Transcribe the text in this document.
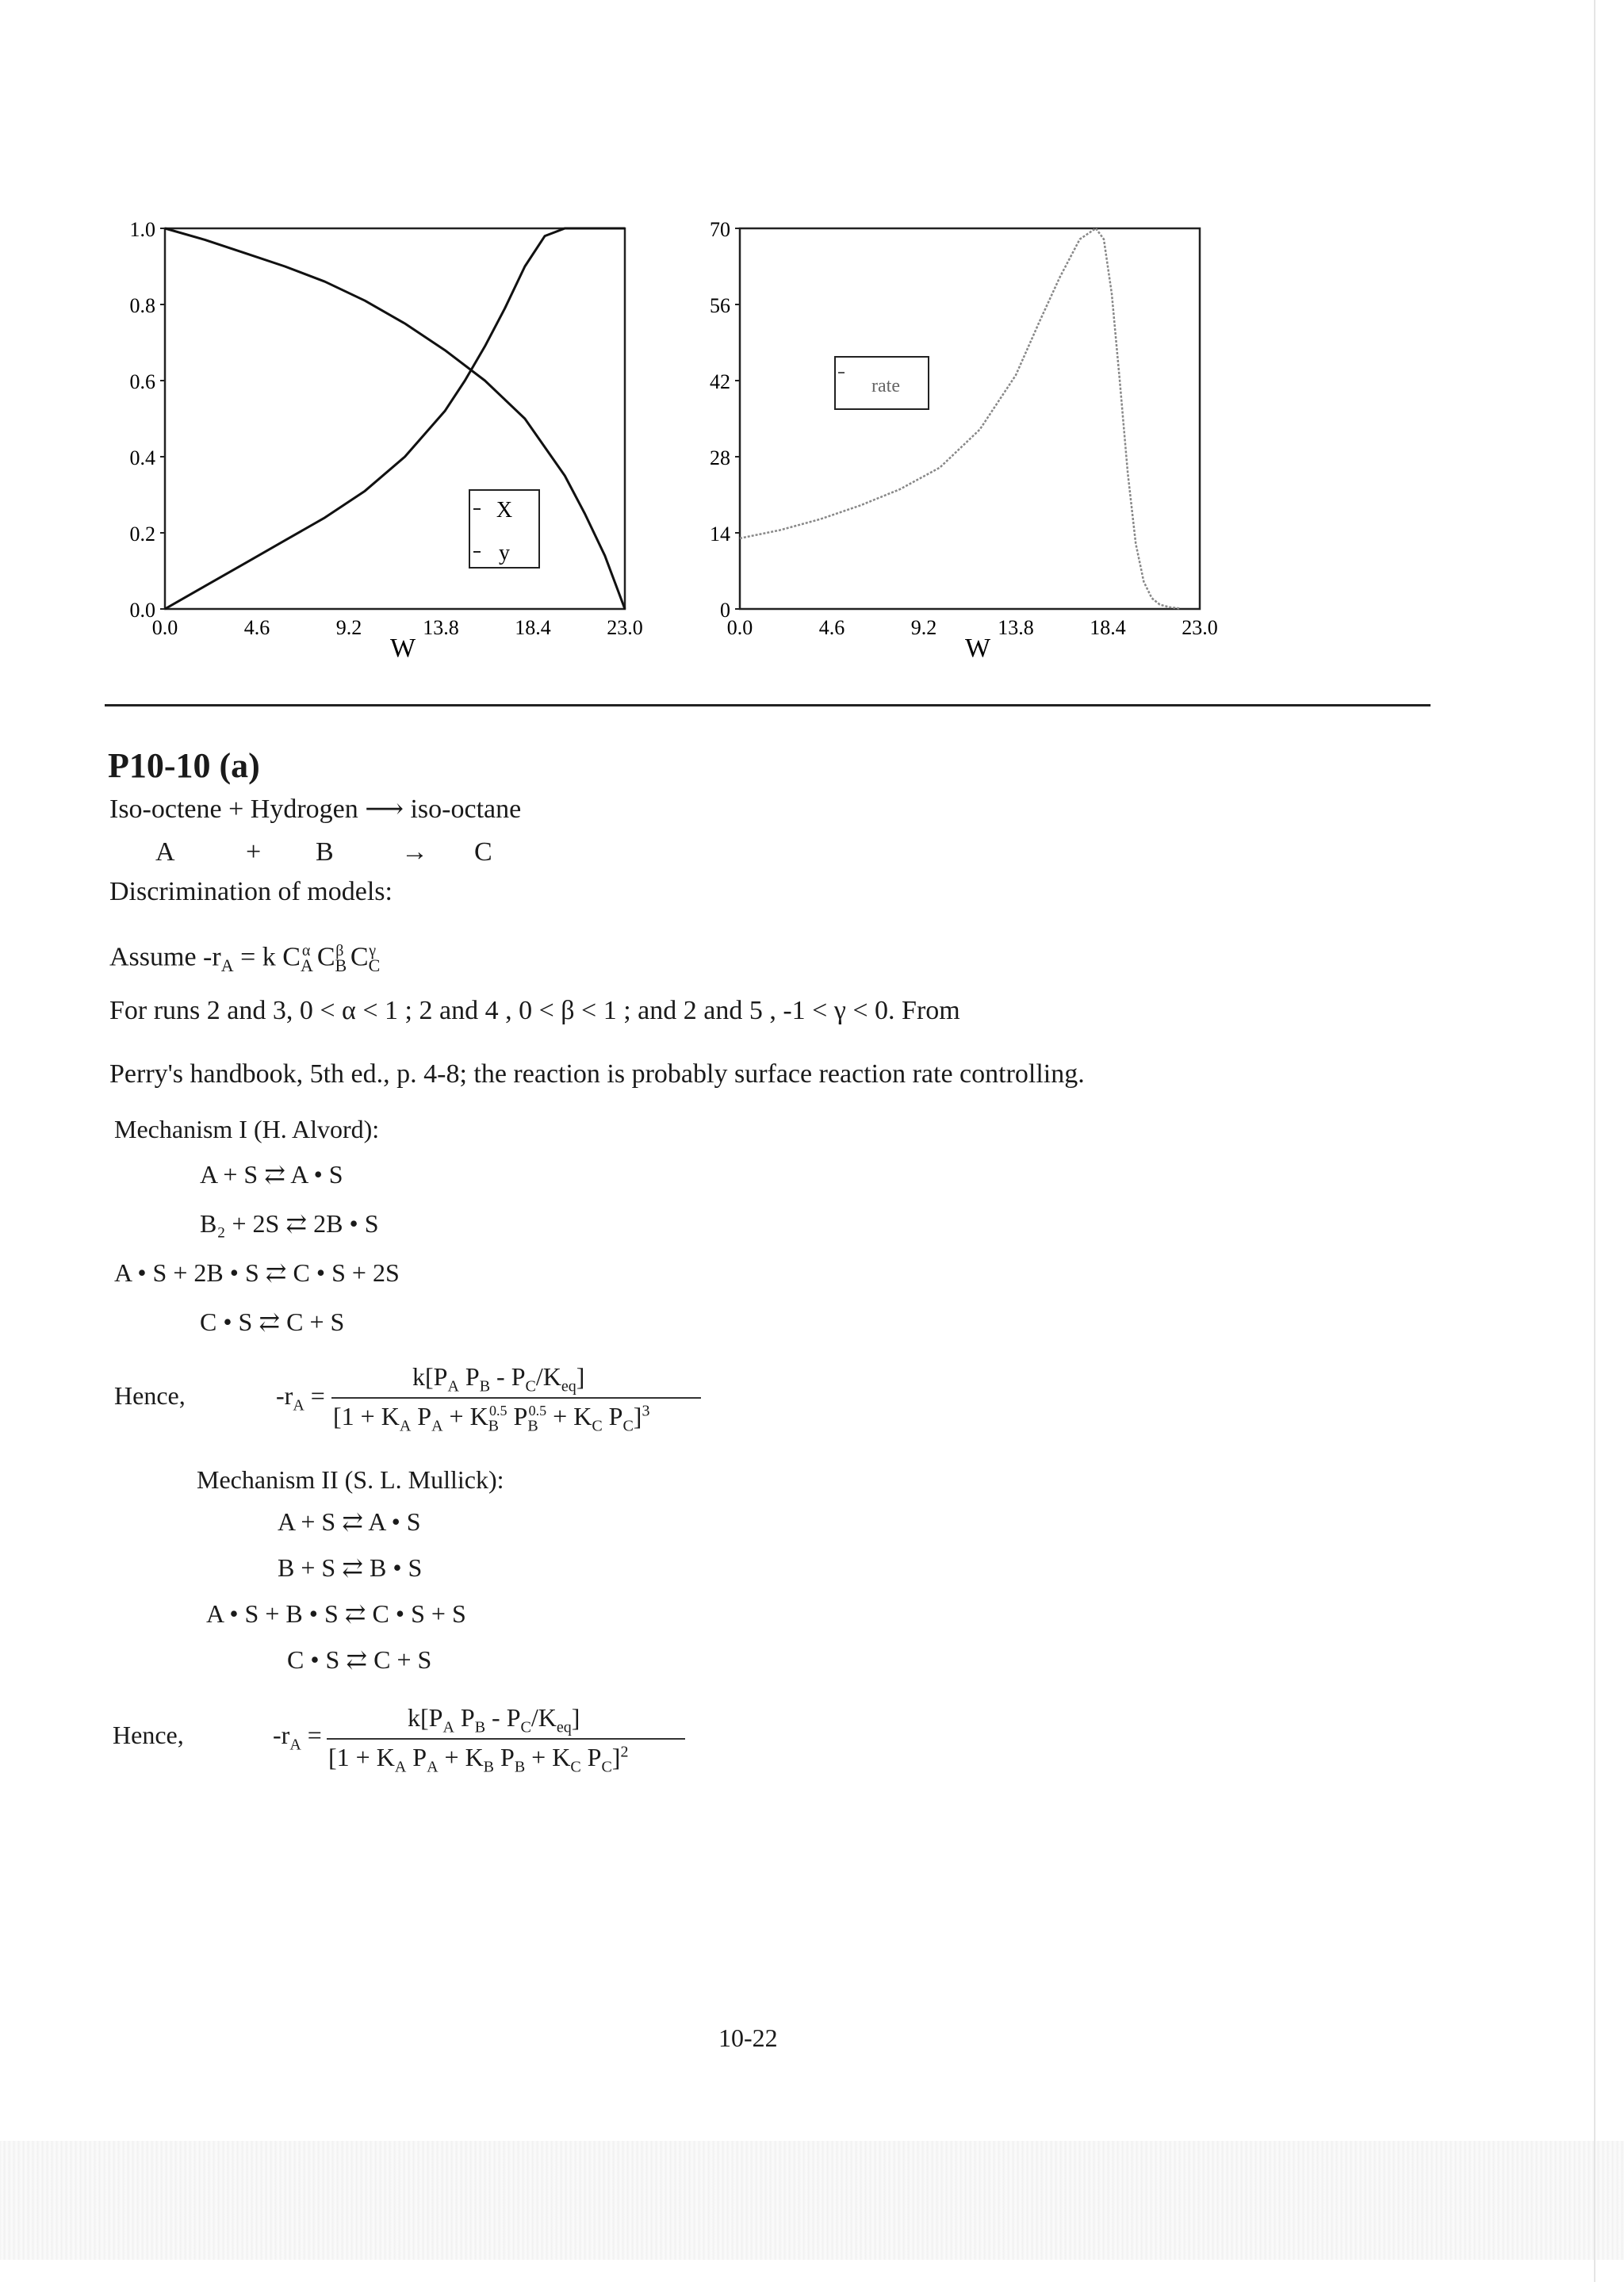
1.0
0.8
0.6
0.4
0.2
0.0
0.0	4.6	9.2	13.8	18.4	23.0
W
X
y
70
56
42
28
14
0
0.0	4.6	9.2	13.8	18.4	23.0
W
rate
P10-10 (a)
Iso-octene + Hydrogen ⟶ iso-octane
A	+ B	→ C
Discrimination of models:
Assume $-r_A = k$ $C_A^\alpha$ $C_B^\beta$ $C_C^\gamma$
For runs 2 and 3, 0 < α < 1 ; 2 and 4 , 0 < β < 1 ; and 2 and 5 , -1 < γ < 0. From
Perry's handbook, 5th ed., p. 4-8; the reaction is probably surface reaction rate controlling.
Mechanism I (H. Alvord):
A + S ⇄ A • S
B₂ + 2S ⇄ 2B • S
A • S + 2B • S ⇄ C • S + 2S
C • S ⇄ C + S
Hence,	$-r_A$ =
$k[P_A$ $P_B - P_C/K_{eq}$]
[$1 + K_A$ $P_A + K_B^{0.5}$ $P_B^{0.5} + K_C$ $P_C]^3$
Mechanism II (S. L. Mullick):
A + S ⇄ A • S
B + S ⇄ B • S
A • S + B • S ⇄ C • S + S
C • S ⇄ C + S
Hence,	$-r_A$ =
$k[P_A$ $P_B - P_C/K_{eq}$]
[$1 + K_A$ $P_A + K_B$ $P_B + K_C$ $P_C]^2$
10-22
